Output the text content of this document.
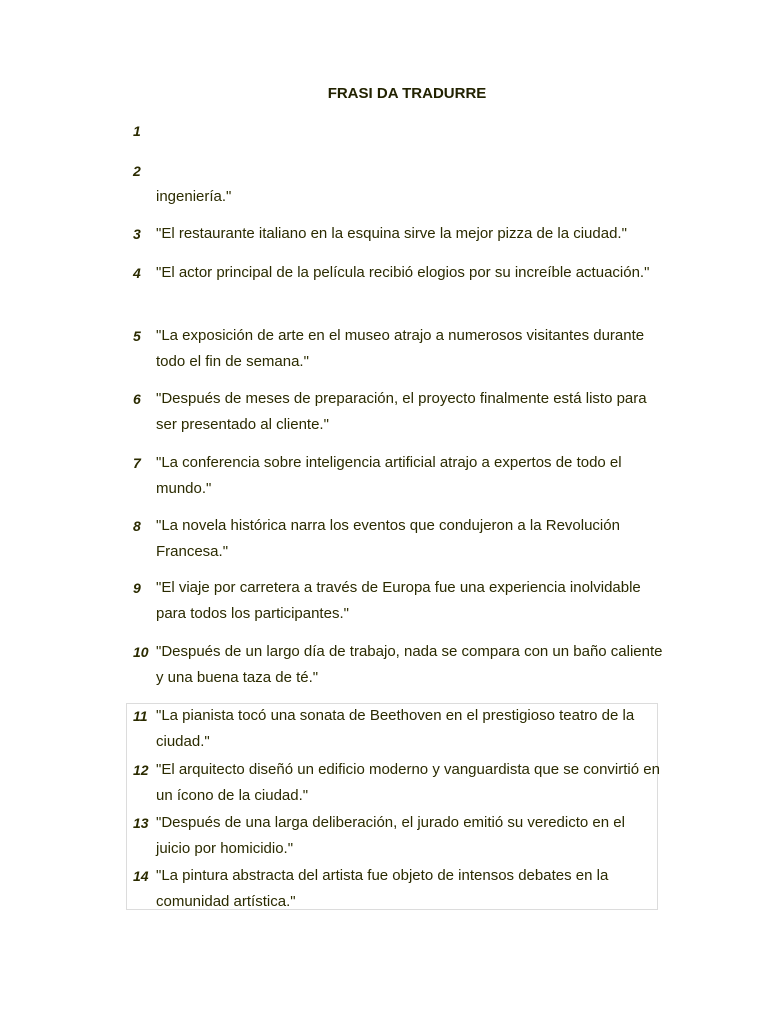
FRASI DA TRADURRE
1
2
ingeniería."
3 "El restaurante italiano en la esquina sirve la mejor pizza de la ciudad."
4 "El actor principal de la película recibió elogios por su increíble actuación."
5 "La exposición de arte en el museo atrajo a numerosos visitantes durante todo el fin de semana."
6 "Después de meses de preparación, el proyecto finalmente está listo para ser presentado al cliente."
7 "La conferencia sobre inteligencia artificial atrajo a expertos de todo el mundo."
8 "La novela histórica narra los eventos que condujeron a la Revolución Francesa."
9 "El viaje por carretera a través de Europa fue una experiencia inolvidable para todos los participantes."
10 "Después de un largo día de trabajo, nada se compara con un baño caliente y una buena taza de té."
11 "La pianista tocó una sonata de Beethoven en el prestigioso teatro de la ciudad."
12 "El arquitecto diseñó un edificio moderno y vanguardista que se convirtió en un ícono de la ciudad."
13 "Después de una larga deliberación, el jurado emitió su veredicto en el juicio por homicidio."
14 "La pintura abstracta del artista fue objeto de intensos debates en la comunidad artística."
